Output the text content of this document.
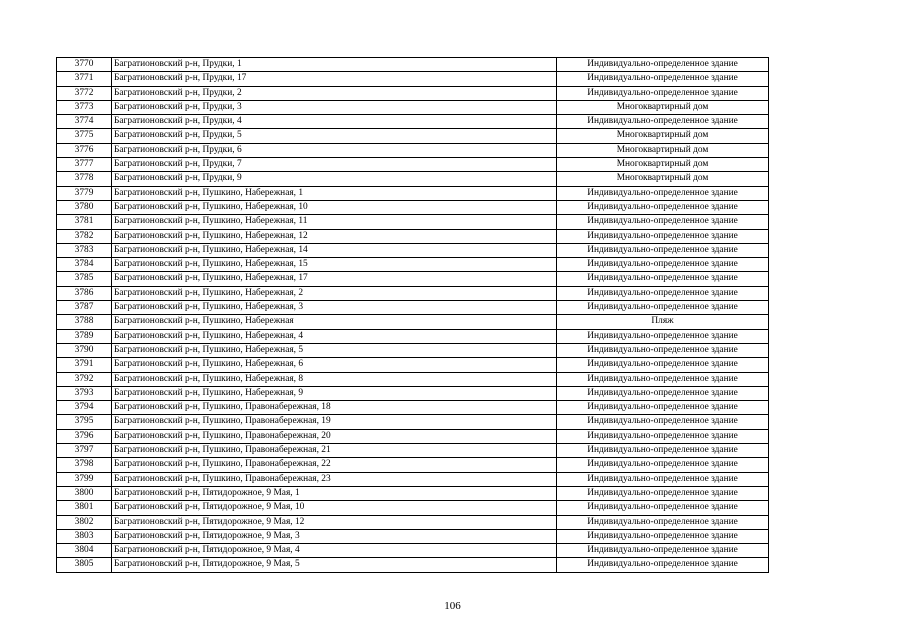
3770	Багратионовский р-н, Прудки, 1	Индивидуально-определенное здание
3771	Багратионовский р-н, Прудки, 17	Индивидуально-определенное здание
3772	Багратионовский р-н, Прудки, 2	Индивидуально-определенное здание
3773	Багратионовский р-н, Прудки, 3	Многоквартирный дом
3774	Багратионовский р-н, Прудки, 4	Индивидуально-определенное здание
3775	Багратионовский р-н, Прудки, 5	Многоквартирный дом
3776	Багратионовский р-н, Прудки, 6	Многоквартирный дом
3777	Багратионовский р-н, Прудки, 7	Многоквартирный дом
3778	Багратионовский р-н, Прудки, 9	Многоквартирный дом
3779	Багратионовский р-н, Пушкино, Набережная, 1	Индивидуально-определенное здание
3780	Багратионовский р-н, Пушкино, Набережная, 10	Индивидуально-определенное здание
3781	Багратионовский р-н, Пушкино, Набережная, 11	Индивидуально-определенное здание
3782	Багратионовский р-н, Пушкино, Набережная, 12	Индивидуально-определенное здание
3783	Багратионовский р-н, Пушкино, Набережная, 14	Индивидуально-определенное здание
3784	Багратионовский р-н, Пушкино, Набережная, 15	Индивидуально-определенное здание
3785	Багратионовский р-н, Пушкино, Набережная, 17	Индивидуально-определенное здание
3786	Багратионовский р-н, Пушкино, Набережная, 2	Индивидуально-определенное здание
3787	Багратионовский р-н, Пушкино, Набережная, 3	Индивидуально-определенное здание
3788	Багратионовский р-н, Пушкино, Набережная	Пляж
3789	Багратионовский р-н, Пушкино, Набережная, 4	Индивидуально-определенное здание
3790	Багратионовский р-н, Пушкино, Набережная, 5	Индивидуально-определенное здание
3791	Багратионовский р-н, Пушкино, Набережная, 6	Индивидуально-определенное здание
3792	Багратионовский р-н, Пушкино, Набережная, 8	Индивидуально-определенное здание
3793	Багратионовский р-н, Пушкино, Набережная, 9	Индивидуально-определенное здание
3794	Багратионовский р-н, Пушкино, Правонабережная, 18	Индивидуально-определенное здание
3795	Багратионовский р-н, Пушкино, Правонабережная, 19	Индивидуально-определенное здание
3796	Багратионовский р-н, Пушкино, Правонабережная, 20	Индивидуально-определенное здание
3797	Багратионовский р-н, Пушкино, Правонабережная, 21	Индивидуально-определенное здание
3798	Багратионовский р-н, Пушкино, Правонабережная, 22	Индивидуально-определенное здание
3799	Багратионовский р-н, Пушкино, Правонабережная, 23	Индивидуально-определенное здание
3800	Багратионовский р-н, Пятидорожное, 9 Мая, 1	Индивидуально-определенное здание
3801	Багратионовский р-н, Пятидорожное, 9 Мая, 10	Индивидуально-определенное здание
3802	Багратионовский р-н, Пятидорожное, 9 Мая, 12	Индивидуально-определенное здание
3803	Багратионовский р-н, Пятидорожное, 9 Мая, 3	Индивидуально-определенное здание
3804	Багратионовский р-н, Пятидорожное, 9 Мая, 4	Индивидуально-определенное здание
3805	Багратионовский р-н, Пятидорожное, 9 Мая, 5	Индивидуально-определенное здание
106
